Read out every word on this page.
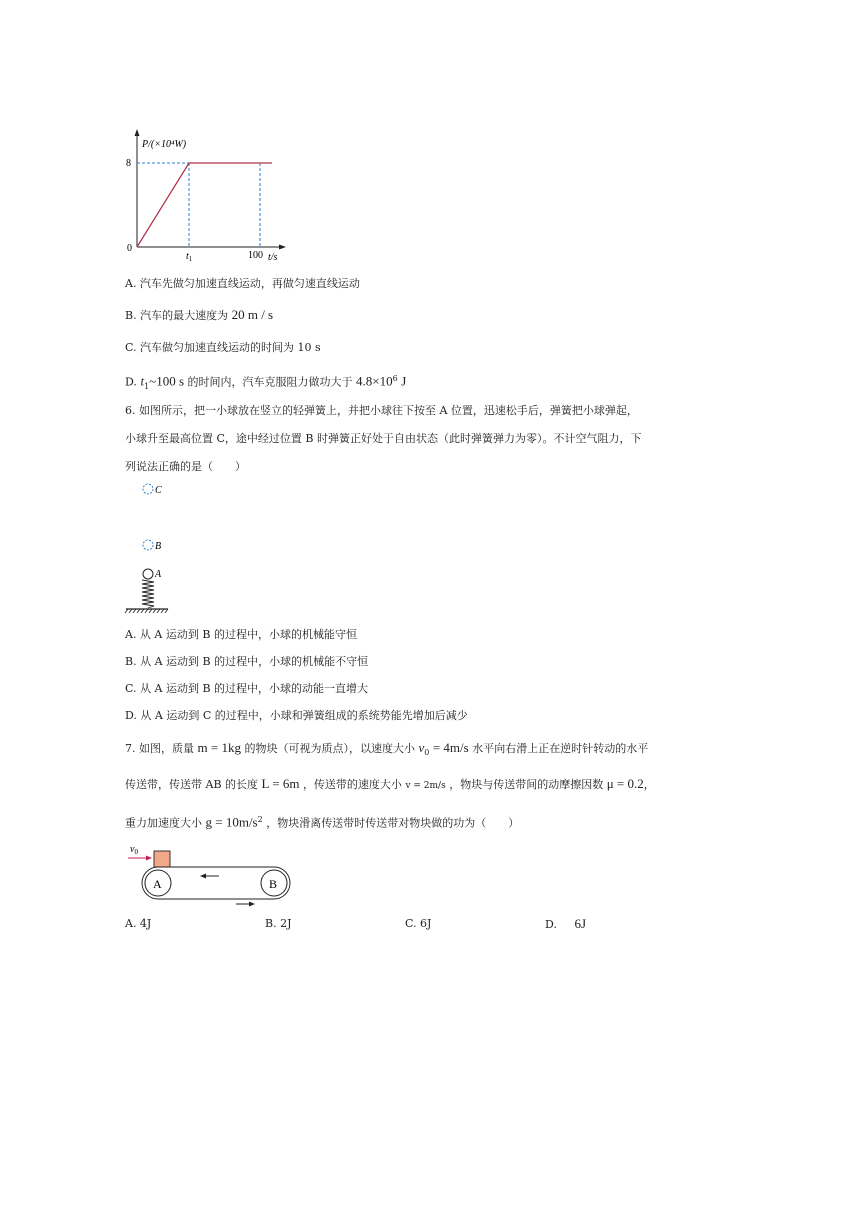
P/(×10⁴W)
8
0
$t_1$	100 t/s
A. 汽车先做匀加速直线运动，再做匀速直线运动
B. 汽车的最大速度为 20 m / s
C. 汽车做匀加速直线运动的时间为 10 s
D. $t_1\sim 100$ s 的时间内，汽车克服阻力做功大于 $4.8\times 10^6$ J
6. 如图所示，把一小球放在竖立的轻弹簧上，并把小球往下按至 A 位置，迅速松手后，弹簧把小球弹起，
小球升至最高位置 C，途中经过位置 B 时弹簧正好处于自由状态（此时弹簧弹力为零）。不计空气阻力，下
列说法正确的是（　　）
C
B
A
A. 从 A 运动到 B 的过程中，小球的机械能守恒
B. 从 A 运动到 B 的过程中，小球的机械能不守恒
C. 从 A 运动到 B 的过程中，小球的动能一直增大
D. 从 A 运动到 C 的过程中，小球和弹簧组成的系统势能先增加后减少
7. 如图，质量 m = 1kg 的物块（可视为质点），以速度大小 $v_0 = 4m/s$ 水平向右滑上正在逆时针转动的水平
传送带，传送带 AB 的长度 L = 6m ，传送带的速度大小 v = 2m/s ，物块与传送带间的动摩擦因数 μ = 0.2，
重力加速度大小 $g = 10m/s^2$ ，物块滑离传送带时传送带对物块做的功为（　　）
$v_0$
A	B
A. 4J	B. 2J	C. 6J	D. 6J
